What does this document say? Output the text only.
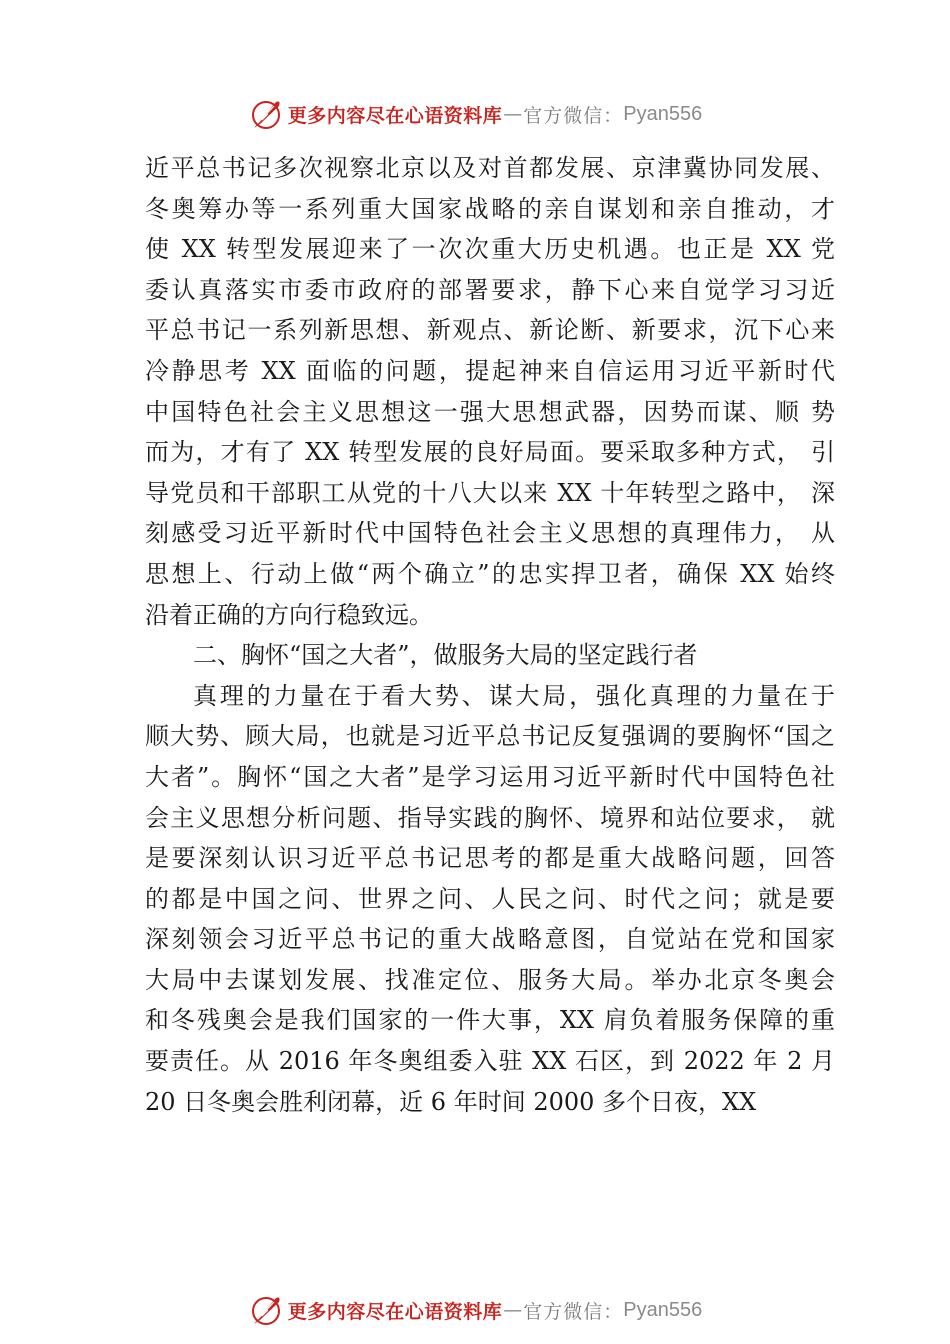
更多内容尽在心语资料库 — 官方微信： Pyan556
近平总书记多次视察北京以及对首都发展、京津冀协同发展、
冬奥筹办等一系列重大国家战略的亲自谋划和亲自推动，才
使 XX 转型发展迎来了一次次重大历史机遇。也正是 XX 党
委认真落实市委市政府的部署要求，静下心来自觉学习习近
平总书记一系列新思想、新观点、新论断、新要求，沉下心来
冷静思考 XX 面临的问题，提起神来自信运用习近平新时代
中国特色社会主义思想这一强大思想武器，因势而谋、顺 势
而为，才有了 XX 转型发展的良好局面。要采取多种方式， 引
导党员和干部职工从党的十八大以来 XX 十年转型之路中， 深
刻感受习近平新时代中国特色社会主义思想的真理伟力， 从
思想上、行动上做“两个确立”的忠实捍卫者，确保 XX 始终
沿着正确的方向行稳致远。
二、胸怀“国之大者”，做服务大局的坚定践行者
真理的力量在于看大势、谋大局，强化真理的力量在于
顺大势、顾大局，也就是习近平总书记反复强调的要胸怀“国之
大者”。胸怀“国之大者”是学习运用习近平新时代中国特色社
会主义思想分析问题、指导实践的胸怀、境界和站位要求， 就
是要深刻认识习近平总书记思考的都是重大战略问题，回答
的都是中国之问、世界之问、人民之问、时代之问；就是要
深刻领会习近平总书记的重大战略意图，自觉站在党和国家
大局中去谋划发展、找准定位、服务大局。举办北京冬奥会
和冬残奥会是我们国家的一件大事，XX 肩负着服务保障的重
要责任。从 2016 年冬奥组委入驻 XX 石区，到 2022 年 2 月
20 日冬奥会胜利闭幕，近 6 年时间 2000 多个日夜，XX
更多内容尽在心语资料库 — 官方微信： Pyan556
